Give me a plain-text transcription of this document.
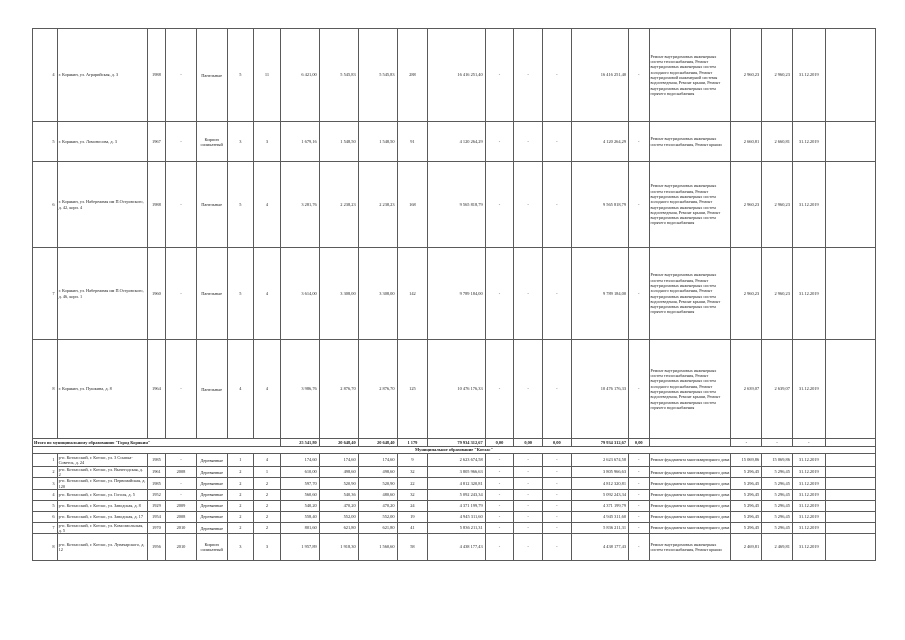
4	г. Корякин, ул. Аграрийская, д. 3	1988	-	Панельные	5	11	6 421,00	5 545,83	5 545,83	288	16 416 251,40	-	-	-	16 416 251,40	-	Ремонт внутридомовых инженерных систем теплоснабжения, Ремонт внутридомовых инженерных систем холодного водоснабжения, Ремонт внутридомовой инженерной системы водоотведения, Ремонт крыши, Ремонт внутридомовых инженерных систем горячего водоснабжения	2 960,23	2 960,23	31.12.2019	
5	г. Корякин, ул. Ломоносова, д. 3	1967	-	Кирпич силикатный	3	3	1 679,16	1 548,50	1 548,50	91	4 120 264,29	-	-	-	4 120 264,29	-	Ремонт внутридомовых инженерных систем теплоснабжения, Ремонт крыши	2 660,81	2 660,81	31.12.2019	
6	г. Корякин, ул. Набережная им П.Островского, д. 42, корп. 4	1988	-	Панельные	5	4	3 281,76	2 238,23	2 238,23	168	9 565 818,79	-	-	-	9 565 818,79	-	Ремонт внутридомовых инженерных систем теплоснабжения, Ремонт внутридомовых инженерных систем холодного водоснабжения, Ремонт внутридомовых инженерных систем водоотведения, Ремонт крыши, Ремонт внутридомовых инженерных систем горячего водоснабжения	2 960,23	2 960,23	31.12.2019	
7	г. Корякин, ул. Набережная им П.Островского, д. 46, корп. 1	1960	-	Панельные	5	4	3 614,00	3 308,00	3 308,00	142	9 789 184,00	-	-	-	9 789 184,00	-	Ремонт внутридомовых инженерных систем теплоснабжения, Ремонт внутридомовых инженерных систем холодного водоснабжения, Ремонт внутридомовых инженерных систем водоотведения, Ремонт крыши, Ремонт внутридомовых инженерных систем горячего водоснабжения	2 960,23	2 960,23	31.12.2019	
8	г. Корякин, ул. Пушкина, д. 8	1964	-	Панельные	4	4	3 986,76	2 876,70	2 876,70	125	10 476 176,33	-	-	-	10 476 176,33	-	Ремонт внутридомовых инженерных систем теплоснабжения, Ремонт внутридомовых инженерных систем холодного водоснабжения, Ремонт внутридомовых инженерных систем водоотведения, Ремонт крыши, Ремонт внутридомовых инженерных систем горячего водоснабжения	2 639,07	2 639,07	31.12.2019	
Итого по муниципальному образованию "Город Корякин"							25 541,80	20 648,40	20 648,40	1 179	79 934 312,67	0,00	0,00	0,00	79 934 312,67	0,00		-	-	-	
Муниципальное образование "Котлас"																					
1	р-п. Котласский, г. Котлас, ул. 3 Ссыпка-Советск, д. 24	1985	-	Деревянные	1	4	174,60	174,60	174,60	9	2 623 674,58	-	-	-	2 623 674,58	-	Ремонт фундамента многоквартирного дома	15 069,86	15 069,86	31.12.2019	
2	р-п. Котласский, г. Котлас, ул. Вычегодская, д. 2	1961	2008	Деревянные	2	1	610,00	498,60	498,60	32	3 805 966,63	-	-	-	3 805 966,63	-	Ремонт фундамента многоквартирного дома	5 296,45	5 296,45	31.12.2019	
3	р-п. Котласский, г. Котлас, ул. Первомайская, д. 120	1985	-	Деревянные	2	2	597,70	520,90	520,90	22	4 812 320,81	-	-	-	4 812 320,81	-	Ремонт фундамента многоквартирного дома	5 296,45	5 296,45	31.12.2019	
4	р-п. Котласский, г. Котлас, ул. Гоголя, д. 5	1952	-	Деревянные	2	2	560,60	540,36	480,60	32	5 092 243,34	-	-	-	5 092 243,34	-	Ремонт фундамента многоквартирного дома	5 296,45	5 296,45	31.12.2019	
5	р-п. Котласский, г. Котлас, ул. Заводская, д. 8	1929	2009	Деревянные	2	2	540,20	470,20	470,20	24	4 371 199,79	-	-	-	4 371 199,79	-	Ремонт фундамента многоквартирного дома	5 296,45	5 296,45	31.12.2019	
6	р-п. Котласский, г. Котлас, ул. Заводская, д. 17	1954	2008	Деревянные	2	2	558,40	552,00	552,00	19	4 945 311,60	-	-	-	4 945 311,60	-	Ремонт фундамента многоквартирного дома	5 296,45	5 296,45	31.12.2019	
7	р-п. Котласский, г. Котлас, ул. Комсомольская, д. 5	1970	2010	Деревянные	2	2	801,60	621,80	621,80	41	5 836 211,31	-	-	-	5 836 211,31	-	Ремонт фундамента многоквартирного дома	5 296,45	5 296,45	31.12.2019	
8	р-п. Котласский, г. Котлас, ул. Луначарского, д. 12	1956	2010	Кирпич силикатный	3	3	1 957,89	1 918,30	1 560,60	58	4 438 177,43	-	-	-	4 438 177,43	-	Ремонт внутридомовых инженерных систем теплоснабжения, Ремонт крыши	2 469,81	2 469,81	31.12.2019	
